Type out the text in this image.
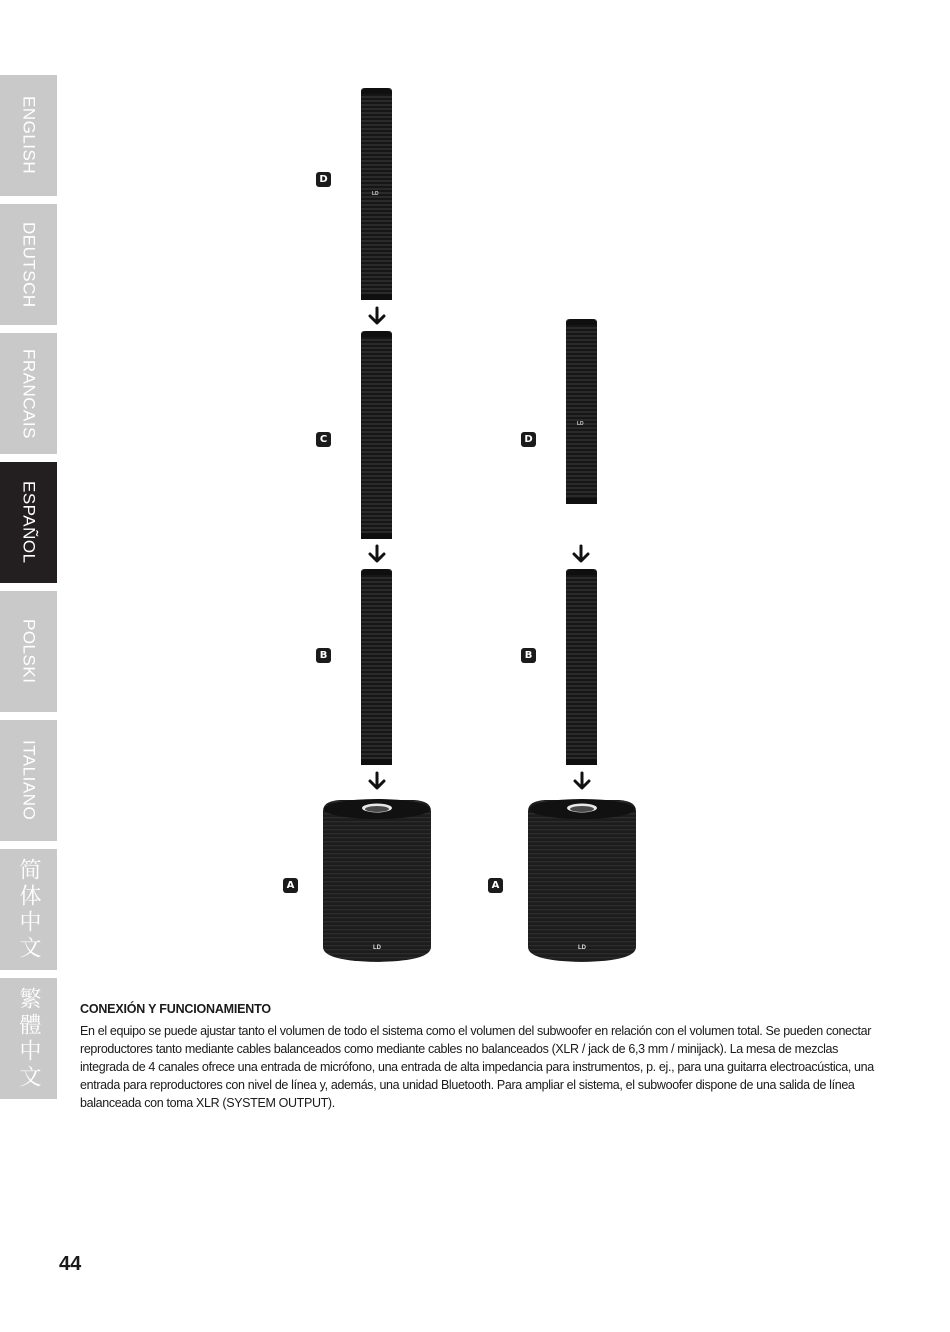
ENGLISH
DEUTSCH
FRANCAIS
ESPAÑOL
POLSKI
ITALIANO
简体中文
繁體中文
LD
D
C
B
LD
A
LD
D
B
LD
A
CONEXIÓN Y FUNCIONAMIENTO
En el equipo se puede ajustar tanto el volumen de todo el sistema como el volumen del subwoofer en relación con el volumen total. Se pueden conectar reproductores tanto mediante cables balanceados como mediante cables no balanceados (XLR / jack de 6,3 mm / minijack). La mesa de mezclas integrada de 4 canales ofrece una entrada de micrófono, una entrada de alta impedancia para instrumentos, p. ej., para una guitarra electroacústica, una entrada para reproductores con nivel de línea y, además, una unidad Bluetooth. Para ampliar el sistema, el subwoofer dispone de una salida de línea balanceada con toma XLR (SYSTEM OUTPUT).
44
